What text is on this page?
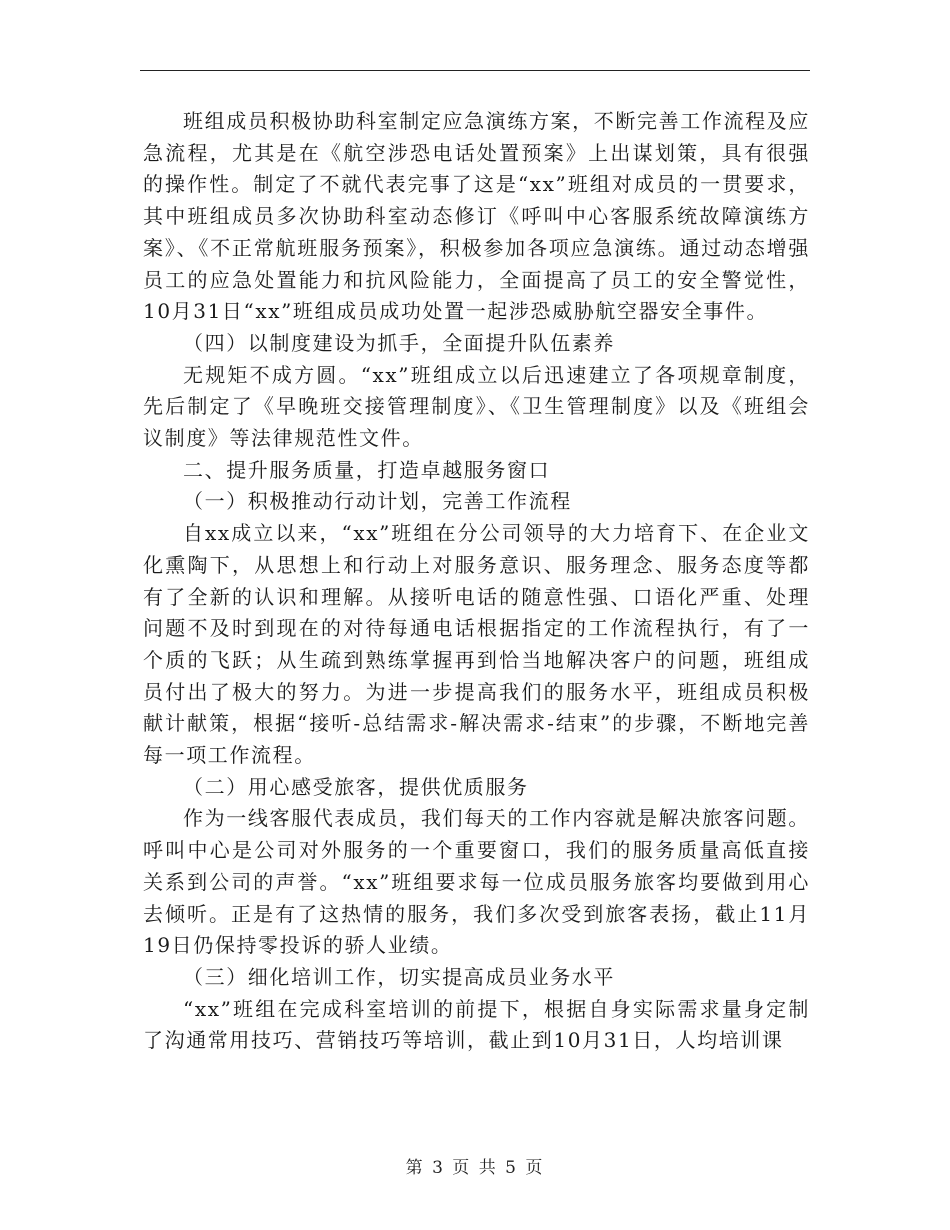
班组成员积极协助科室制定应急演练方案，不断完善工作流程及应急流程，尤其是在《航空涉恐电话处置预案》上出谋划策，具有很强的操作性。制定了不就代表完事了这是“xx”班组对成员的一贯要求，其中班组成员多次协助科室动态修订《呼叫中心客服系统故障演练方案》、《不正常航班服务预案》，积极参加各项应急演练。通过动态增强员工的应急处置能力和抗风险能力，全面提高了员工的安全警觉性，10月31日“xx”班组成员成功处置一起涉恐威胁航空器安全事件。

（四）以制度建设为抓手，全面提升队伍素养

无规矩不成方圆。“xx”班组成立以后迅速建立了各项规章制度，先后制定了《早晚班交接管理制度》、《卫生管理制度》以及《班组会议制度》等法律规范性文件。

二、提升服务质量，打造卓越服务窗口

（一）积极推动行动计划，完善工作流程

自xx成立以来，“xx”班组在分公司领导的大力培育下、在企业文化熏陶下，从思想上和行动上对服务意识、服务理念、服务态度等都有了全新的认识和理解。从接听电话的随意性强、口语化严重、处理问题不及时到现在的对待每通电话根据指定的工作流程执行，有了一个质的飞跃；从生疏到熟练掌握再到恰当地解决客户的问题，班组成员付出了极大的努力。为进一步提高我们的服务水平，班组成员积极献计献策，根据“接听-总结需求-解决需求-结束”的步骤，不断地完善每一项工作流程。

（二）用心感受旅客，提供优质服务

作为一线客服代表成员，我们每天的工作内容就是解决旅客问题。呼叫中心是公司对外服务的一个重要窗口，我们的服务质量高低直接关系到公司的声誉。“xx”班组要求每一位成员服务旅客均要做到用心去倾听。正是有了这热情的服务，我们多次受到旅客表扬，截止11月19日仍保持零投诉的骄人业绩。

（三）细化培训工作，切实提高成员业务水平

“xx”班组在完成科室培训的前提下，根据自身实际需求量身定制了沟通常用技巧、营销技巧等培训，截止到10月31日，人均培训课

第 3 页 共 5 页
